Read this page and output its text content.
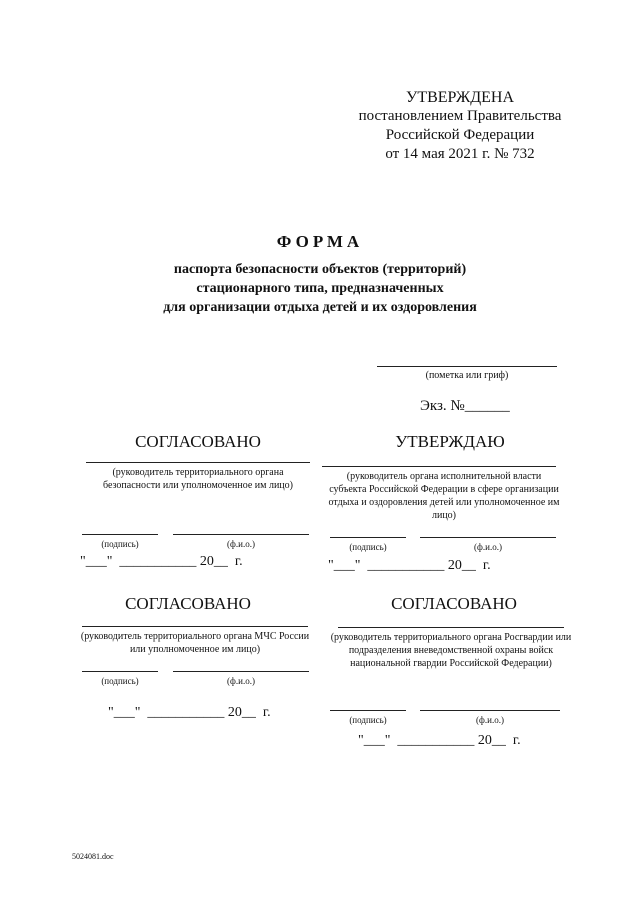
УТВЕРЖДЕНА
постановлением Правительства
Российской Федерации
от 14 мая 2021 г. № 732
ФОРМА
паспорта безопасности объектов (территорий)
стационарного типа, предназначенных
для организации отдыха детей и их оздоровления
(пометка или гриф)
Экз. №______
СОГЛАСОВАНО
(руководитель территориального органа безопасности или уполномоченное им лицо)
(подпись)	(ф.и.о.)
"___"  ___________ 20__  г.
УТВЕРЖДАЮ
(руководитель органа исполнительной власти субъекта Российской Федерации в сфере организации отдыха и оздоровления детей или уполномоченное им лицо)
(подпись)	(ф.и.о.)
"___"  ___________ 20__  г.
СОГЛАСОВАНО
(руководитель территориального органа МЧС России или уполномоченное им лицо)
(подпись)	(ф.и.о.)
"___"  ___________ 20__  г.
СОГЛАСОВАНО
(руководитель территориального органа Росгвардии или подразделения вневедомственной охраны войск национальной гвардии Российской Федерации)
(подпись)	(ф.и.о.)
"___"  ___________ 20__  г.
5024081.doc
